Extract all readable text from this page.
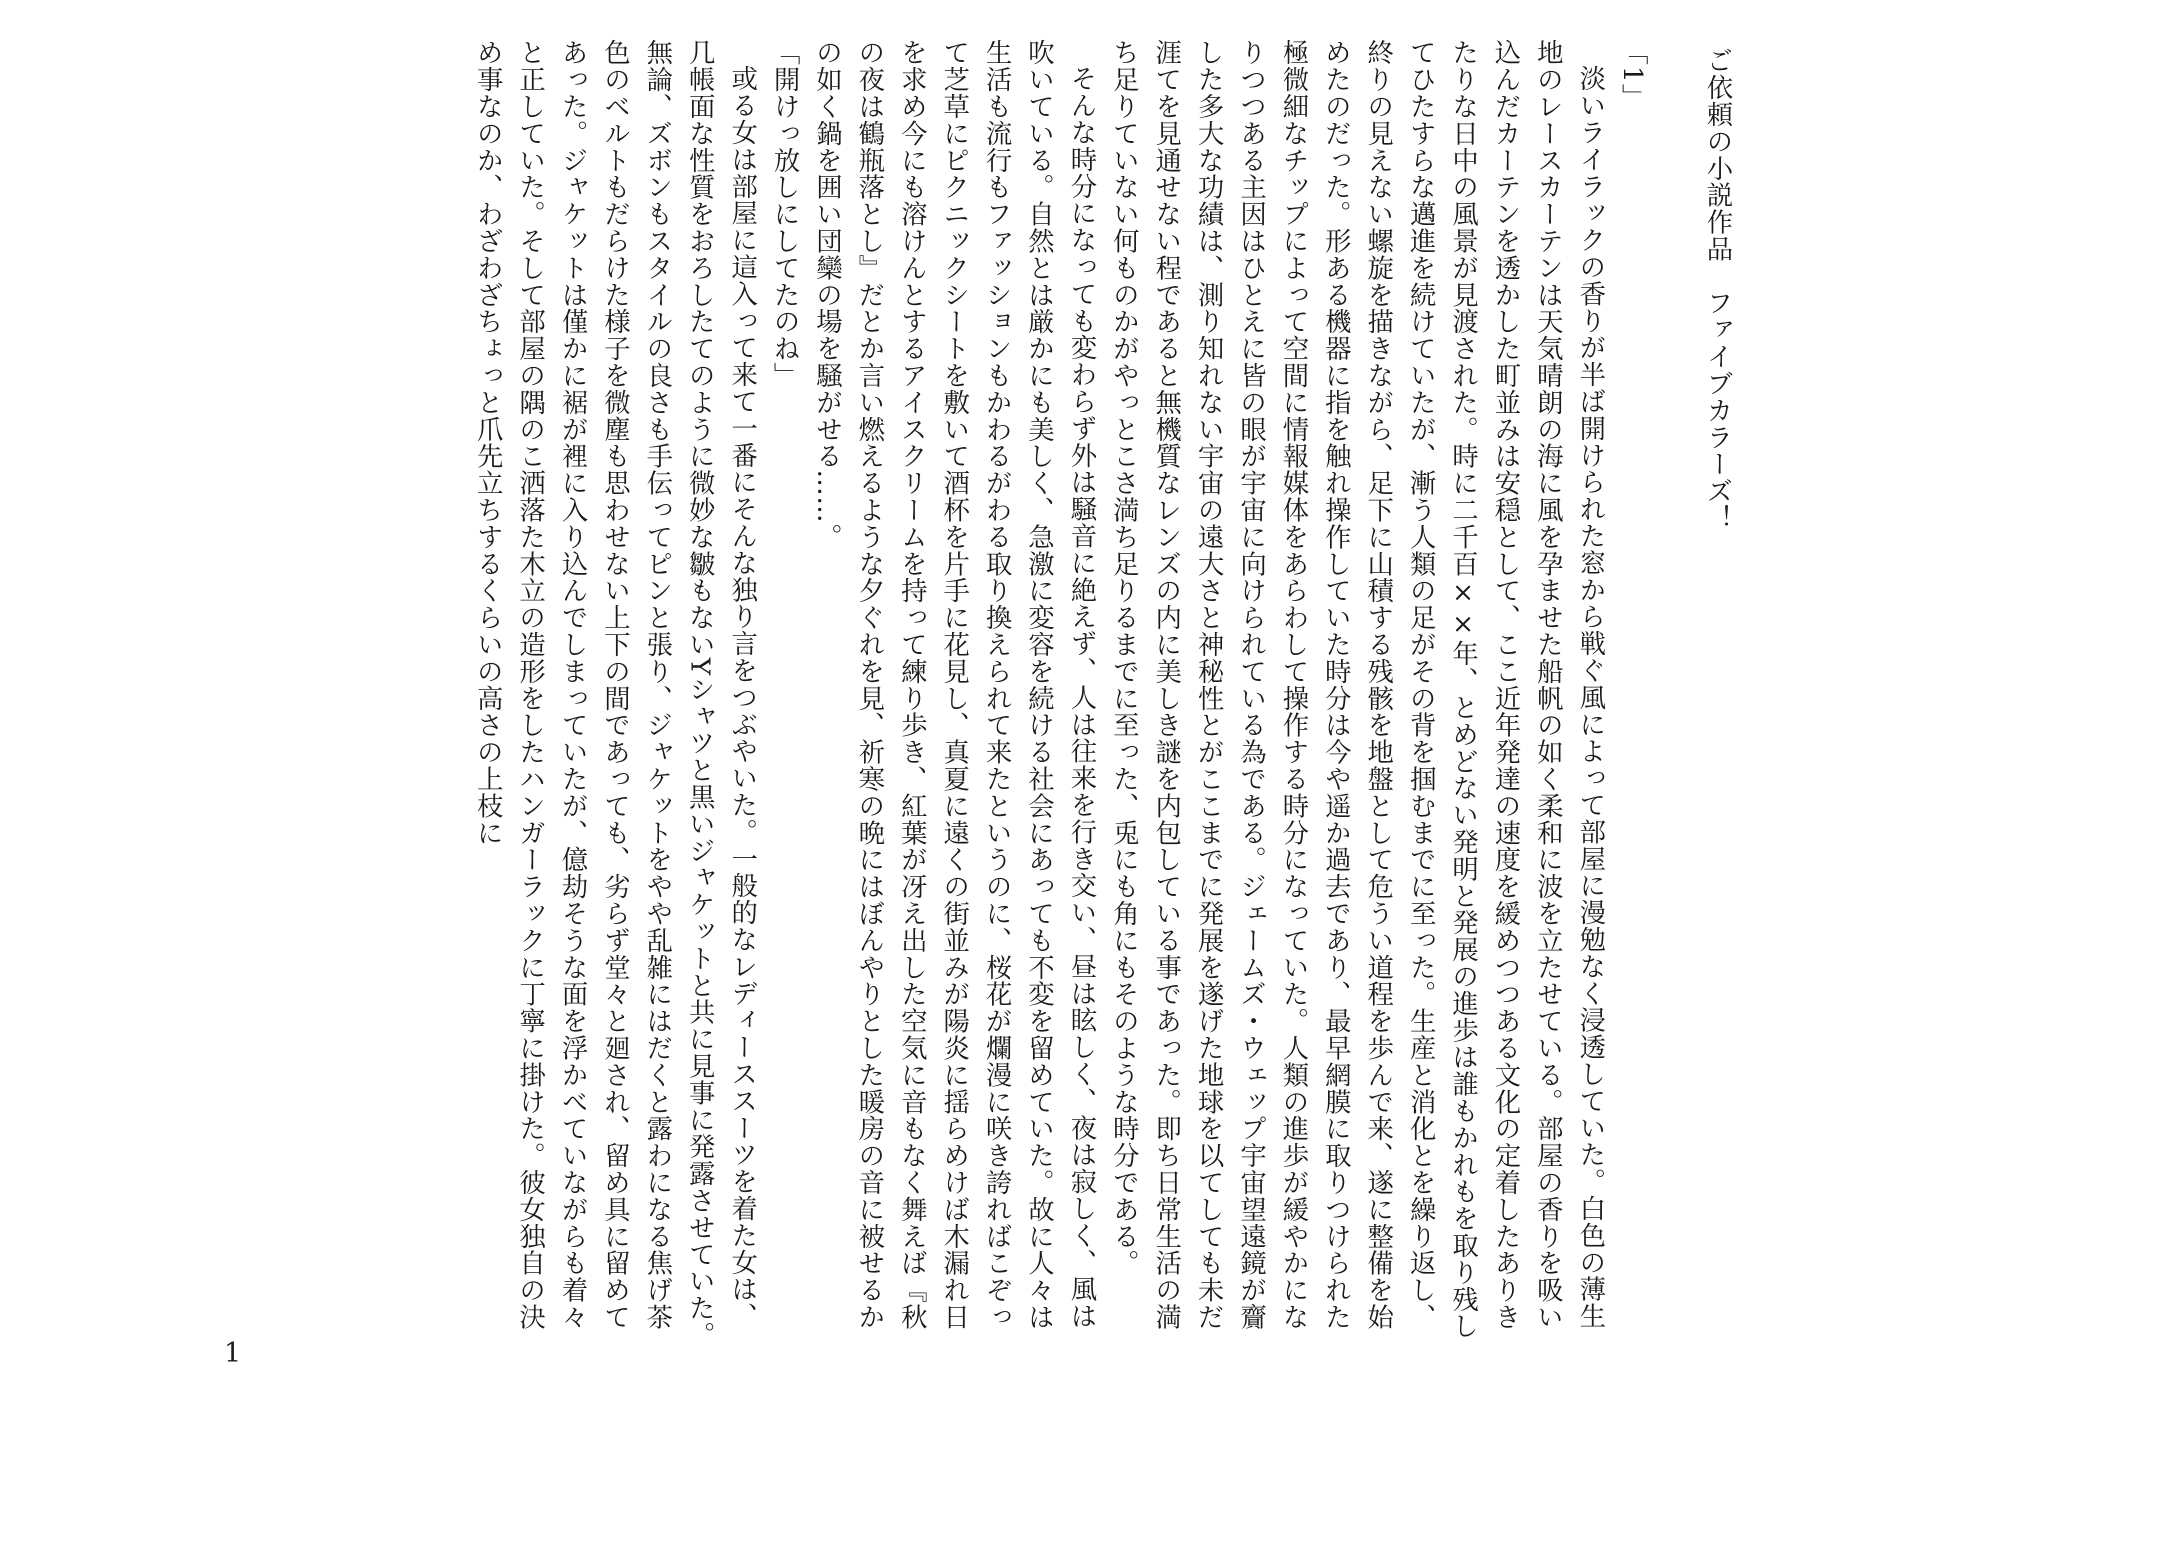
ご依頼の小説作品　ファイブカラーズ！

「1」
淡いライラックの香りが半ば開けられた窓から戦ぐ風によって部屋に漫勉なく浸透していた。白色の薄生地のレースカーテンは天気晴朗の海に風を孕ませた船帆の如く柔和に波を立たせている。部屋の香りを吸い込んだカーテンを透かした町並みは安穏として、ここ近年発達の速度を緩めつつある文化の定着したありきたりな日中の風景が見渡された。時に二千百××年、とめどない発明と発展の進歩は誰もかれもを取り残してひたすらな邁進を続けていたが、漸う人類の足がその背を掴むまでに至った。生産と消化とを繰り返し、終りの見えない螺旋を描きながら、足下に山積する残骸を地盤として危うい道程を歩んで来、遂に整備を始めたのだった。形ある機器に指を触れ操作していた時分は今や遥か過去であり、最早網膜に取りつけられた極微細なチップによって空間に情報媒体をあらわして操作する時分になっていた。人類の進歩が緩やかになりつつある主因はひとえに皆の眼が宇宙に向けられている為である。ジェームズ・ウェップ宇宙望遠鏡が齎した多大な功績は、測り知れない宇宙の遠大さと神秘性とがここまでに発展を遂げた地球を以てしても未だ涯てを見通せない程であると無機質なレンズの内に美しき謎を内包している事であった。即ち日常生活の満ち足りていない何ものかがやっとこさ満ち足りるまでに至った、兎にも角にもそのような時分である。
そんな時分になっても変わらず外は騒音に絶えず、人は往来を行き交い、昼は眩しく、夜は寂しく、風は吹いている。自然とは厳かにも美しく、急激に変容を続ける社会にあっても不変を留めていた。故に人々は生活も流行もファッションもかわるがわる取り換えられて来たというのに、桜花が爛漫に咲き誇ればこぞって芝草にピクニックシートを敷いて酒杯を片手に花見し、真夏に遠くの街並みが陽炎に揺らめけば木漏れ日を求め今にも溶けんとするアイスクリームを持って練り歩き、紅葉が冴え出した空気に音もなく舞えば『秋の夜は鶴瓶落とし』だとか言い燃えるような夕ぐれを見、祈寒の晩にはぼんやりとした暖房の音に被せるかの如く鍋を囲い団欒の場を騒がせる……。
「開けっ放しにしてたのね」
或る女は部屋に這入って来て一番にそんな独り言をつぶやいた。一般的なレディーススーツを着た女は、几帳面な性質をおろしたてのように微妙な皺もないYシャツと黒いジャケットと共に見事に発露させていた。無論、ズボンもスタイルの良さも手伝ってピンと張り、ジャケットをやや乱雑にはだくと露わになる焦げ茶色のベルトもだらけた様子を微塵も思わせない上下の間であっても、劣らず堂々と廻され、留め具に留めてあった。ジャケットは僅かに裾が裡に入り込んでしまっていたが、億劫そうな面を浮かべていながらも着々と正していた。そして部屋の隅のこ洒落た木立の造形をしたハンガーラックに丁寧に掛けた。彼女独自の決め事なのか、わざわざちょっと爪先立ちするくらいの高さの上枝に
1
